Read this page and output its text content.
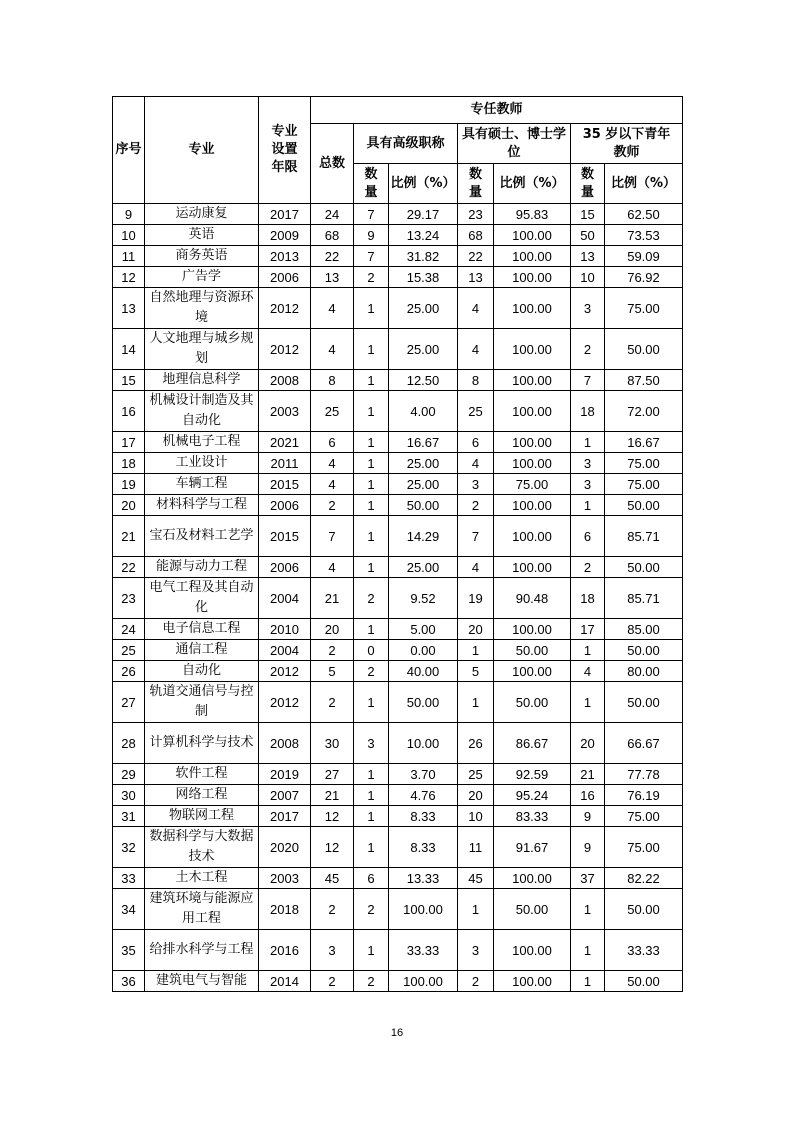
序号	专业	专业设置年限	专任教师						
			总数	具有高级职称		具有硕士、博士学位		35 岁以下青年教师	
				数量	比例（%）	数量	比例（%）	数量	比例（%）
9	运动康复	2017	24	7	29.17	23	95.83	15	62.50
10	英语	2009	68	9	13.24	68	100.00	50	73.53
11	商务英语	2013	22	7	31.82	22	100.00	13	59.09
12	广告学	2006	13	2	15.38	13	100.00	10	76.92
13	自然地理与资源环境	2012	4	1	25.00	4	100.00	3	75.00
14	人文地理与城乡规划	2012	4	1	25.00	4	100.00	2	50.00
15	地理信息科学	2008	8	1	12.50	8	100.00	7	87.50
16	机械设计制造及其自动化	2003	25	1	4.00	25	100.00	18	72.00
17	机械电子工程	2021	6	1	16.67	6	100.00	1	16.67
18	工业设计	2011	4	1	25.00	4	100.00	3	75.00
19	车辆工程	2015	4	1	25.00	3	75.00	3	75.00
20	材料科学与工程	2006	2	1	50.00	2	100.00	1	50.00
21	宝石及材料工艺学	2015	7	1	14.29	7	100.00	6	85.71
22	能源与动力工程	2006	4	1	25.00	4	100.00	2	50.00
23	电气工程及其自动化	2004	21	2	9.52	19	90.48	18	85.71
24	电子信息工程	2010	20	1	5.00	20	100.00	17	85.00
25	通信工程	2004	2	0	0.00	1	50.00	1	50.00
26	自动化	2012	5	2	40.00	5	100.00	4	80.00
27	轨道交通信号与控制	2012	2	1	50.00	1	50.00	1	50.00
28	计算机科学与技术	2008	30	3	10.00	26	86.67	20	66.67
29	软件工程	2019	27	1	3.70	25	92.59	21	77.78
30	网络工程	2007	21	1	4.76	20	95.24	16	76.19
31	物联网工程	2017	12	1	8.33	10	83.33	9	75.00
32	数据科学与大数据技术	2020	12	1	8.33	11	91.67	9	75.00
33	土木工程	2003	45	6	13.33	45	100.00	37	82.22
34	建筑环境与能源应用工程	2018	2	2	100.00	1	50.00	1	50.00
35	给排水科学与工程	2016	3	1	33.33	3	100.00	1	33.33
36	建筑电气与智能	2014	2	2	100.00	2	100.00	1	50.00
16
